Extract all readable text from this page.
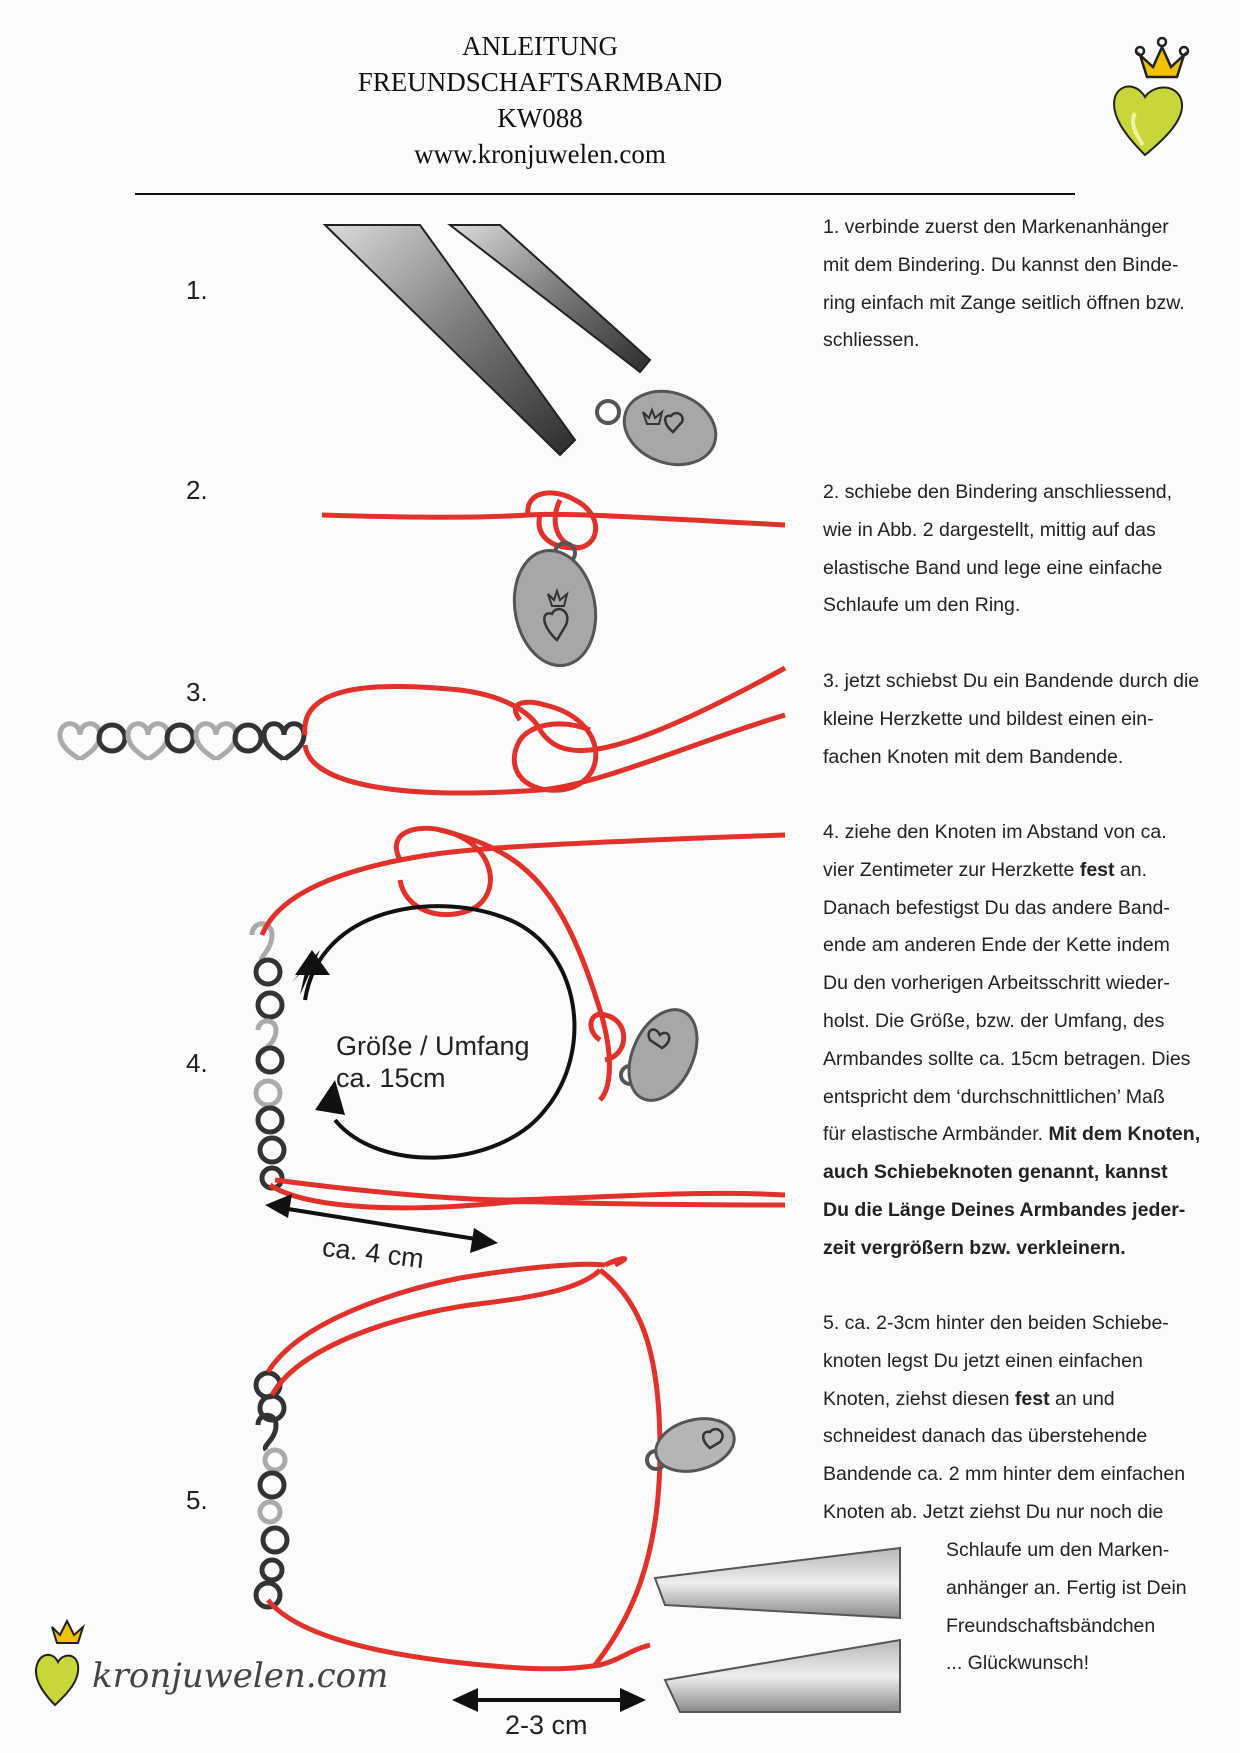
ANLEITUNG
FREUNDSCHAFTSARMBAND
KW088
www.kronjuwelen.com
1.
2.
3.
4.
5.
1. verbinde zuerst den Markenanhänger
mit dem Bindering. Du kannst den Binde-
ring einfach mit Zange seitlich öffnen bzw.
schliessen.
2. schiebe den Bindering anschliessend,
wie in Abb. 2 dargestellt, mittig auf das
elastische Band und lege eine einfache
Schlaufe um den Ring.
3. jetzt schiebst Du ein Bandende durch die
kleine Herzkette und bildest einen ein-
fachen Knoten mit dem Bandende.
4. ziehe den Knoten im Abstand von ca.
vier Zentimeter zur Herzkette fest an.
Danach befestigst Du das andere Band-
ende am anderen Ende der Kette indem
Du den vorherigen Arbeitsschritt wieder-
holst. Die Größe, bzw. der Umfang, des
Armbandes sollte ca. 15cm betragen. Dies
entspricht dem ‘durchschnittlichen’ Maß
für elastische Armbänder. Mit dem Knoten,
auch Schiebeknoten genannt, kannst
Du die Länge Deines Armbandes jeder-
zeit vergrößern bzw. verkleinern.
5. ca. 2-3cm hinter den beiden Schiebe-
knoten legst Du jetzt einen einfachen
Knoten, ziehst diesen fest an und
schneidest danach das überstehende
Bandende ca. 2 mm hinter dem einfachen
Knoten ab. Jetzt ziehst Du nur noch die
Schlaufe um den Marken-
anhänger an. Fertig ist Dein
Freundschaftsbändchen
... Glückwunsch!
Größe / Umfang
ca. 15cm
ca. 4 cm
2-3 cm
kronjuwelen.com
